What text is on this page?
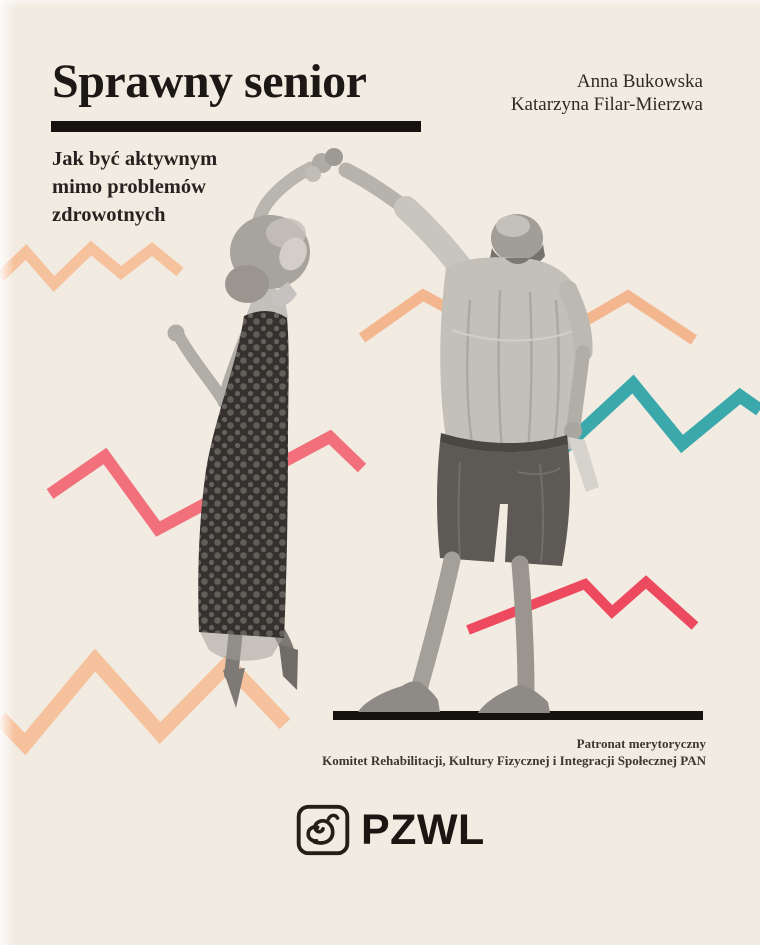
Sprawny senior	Anna Bukowska
Katarzyna Filar-Mierzwa
Jak być aktywnym
mimo problemów
zdrowotnych
Patronat merytoryczny
Komitet Rehabilitacji, Kultury Fizycznej i Integracji Społecznej PAN
PZWL
